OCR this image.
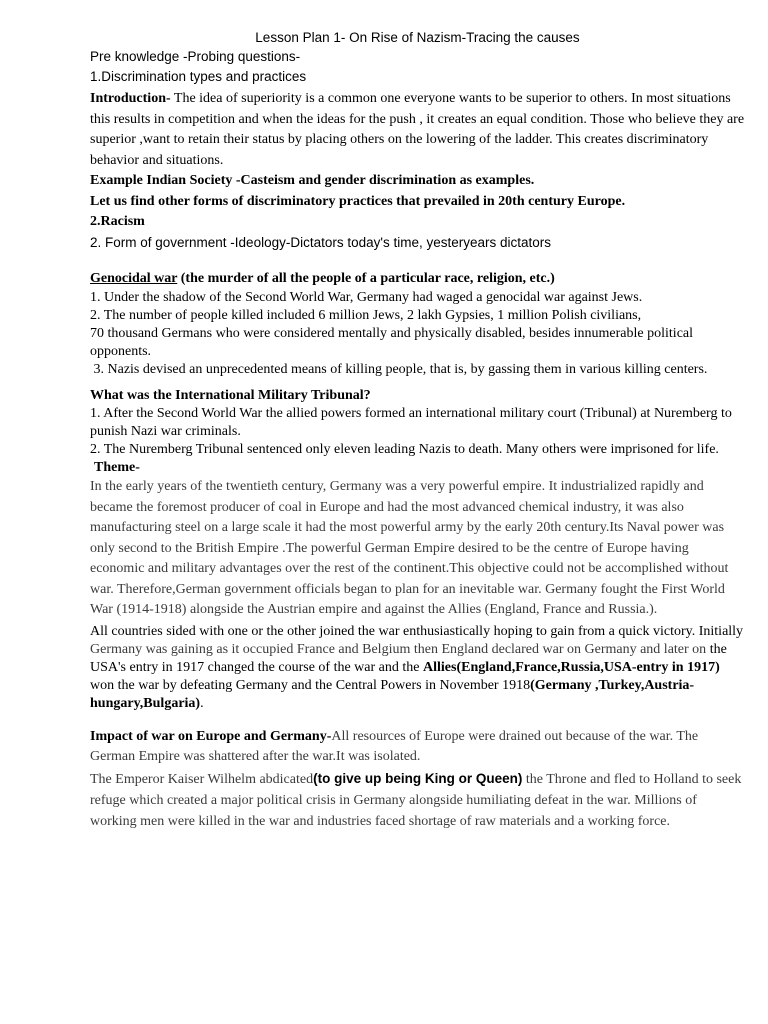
Lesson Plan 1- On Rise of Nazism-Tracing the causes
Pre knowledge -Probing questions-
1.Discrimination types and practices

Introduction- The idea of superiority is a common one everyone wants to be superior to others. In most situations this results in competition and when the ideas for the push , it creates an equal condition. Those who believe they are superior ,want to retain their status by placing others on the lowering of the ladder. This creates discriminatory behavior and situations.

Example Indian Society -Casteism and gender discrimination as examples.

Let us find other forms of discriminatory practices that prevailed in 20th century Europe.

2.Racism

2. Form of government -Ideology-Dictators today's time, yesteryears dictators

Genocidal war (the murder of all the people of a particular race, religion, etc.)

1. Under the shadow of the Second World War, Germany had waged a genocidal war against Jews.

2. The number of people killed included 6 million Jews, 2 lakh Gypsies, 1 million Polish civilians,

70 thousand Germans who were considered mentally and physically disabled, besides innumerable political opponents.

3. Nazis devised an unprecedented means of killing people, that is, by gassing them in various killing centers.

What was the International Military Tribunal?

1. After the Second World War the allied powers formed an international military court (Tribunal) at Nuremberg to punish Nazi war criminals.

2. The Nuremberg Tribunal sentenced only eleven leading Nazis to death. Many others were imprisoned for life.

Theme-

In the early years of the twentieth century, Germany was a very powerful empire. It industrialized rapidly and became the foremost producer of coal in Europe and had the most advanced chemical industry, it was also manufacturing steel on a large scale it had the most powerful army by the early 20th century.Its Naval power was only second to the British Empire .The powerful German Empire desired to be the centre of Europe having economic and military advantages over the rest of the continent.This objective could not be accomplished without war. Therefore,German government officials began to plan for an inevitable war. Germany fought the First World War (1914-1918) alongside the Austrian empire and against the Allies (England, France and Russia.).

All countries sided with one or the other joined the war enthusiastically hoping to gain from a quick victory. Initially Germany was gaining as it occupied France and Belgium then England declared war on Germany and later on the USA's entry in 1917 changed the course of the war and the Allies(England,France,Russia,USA-entry in 1917) won the war by defeating Germany and the Central Powers in November 1918(Germany ,Turkey,Austria-hungary,Bulgaria).

Impact of war on Europe and Germany-All resources of Europe were drained out because of the war. The German Empire was shattered after the war.It was isolated.

The Emperor Kaiser Wilhelm abdicated(to give up being King or Queen) the Throne and fled to Holland to seek refuge which created a major political crisis in Germany alongside humiliating defeat in the war. Millions of working men were killed in the war and industries faced shortage of raw materials and a working force.
